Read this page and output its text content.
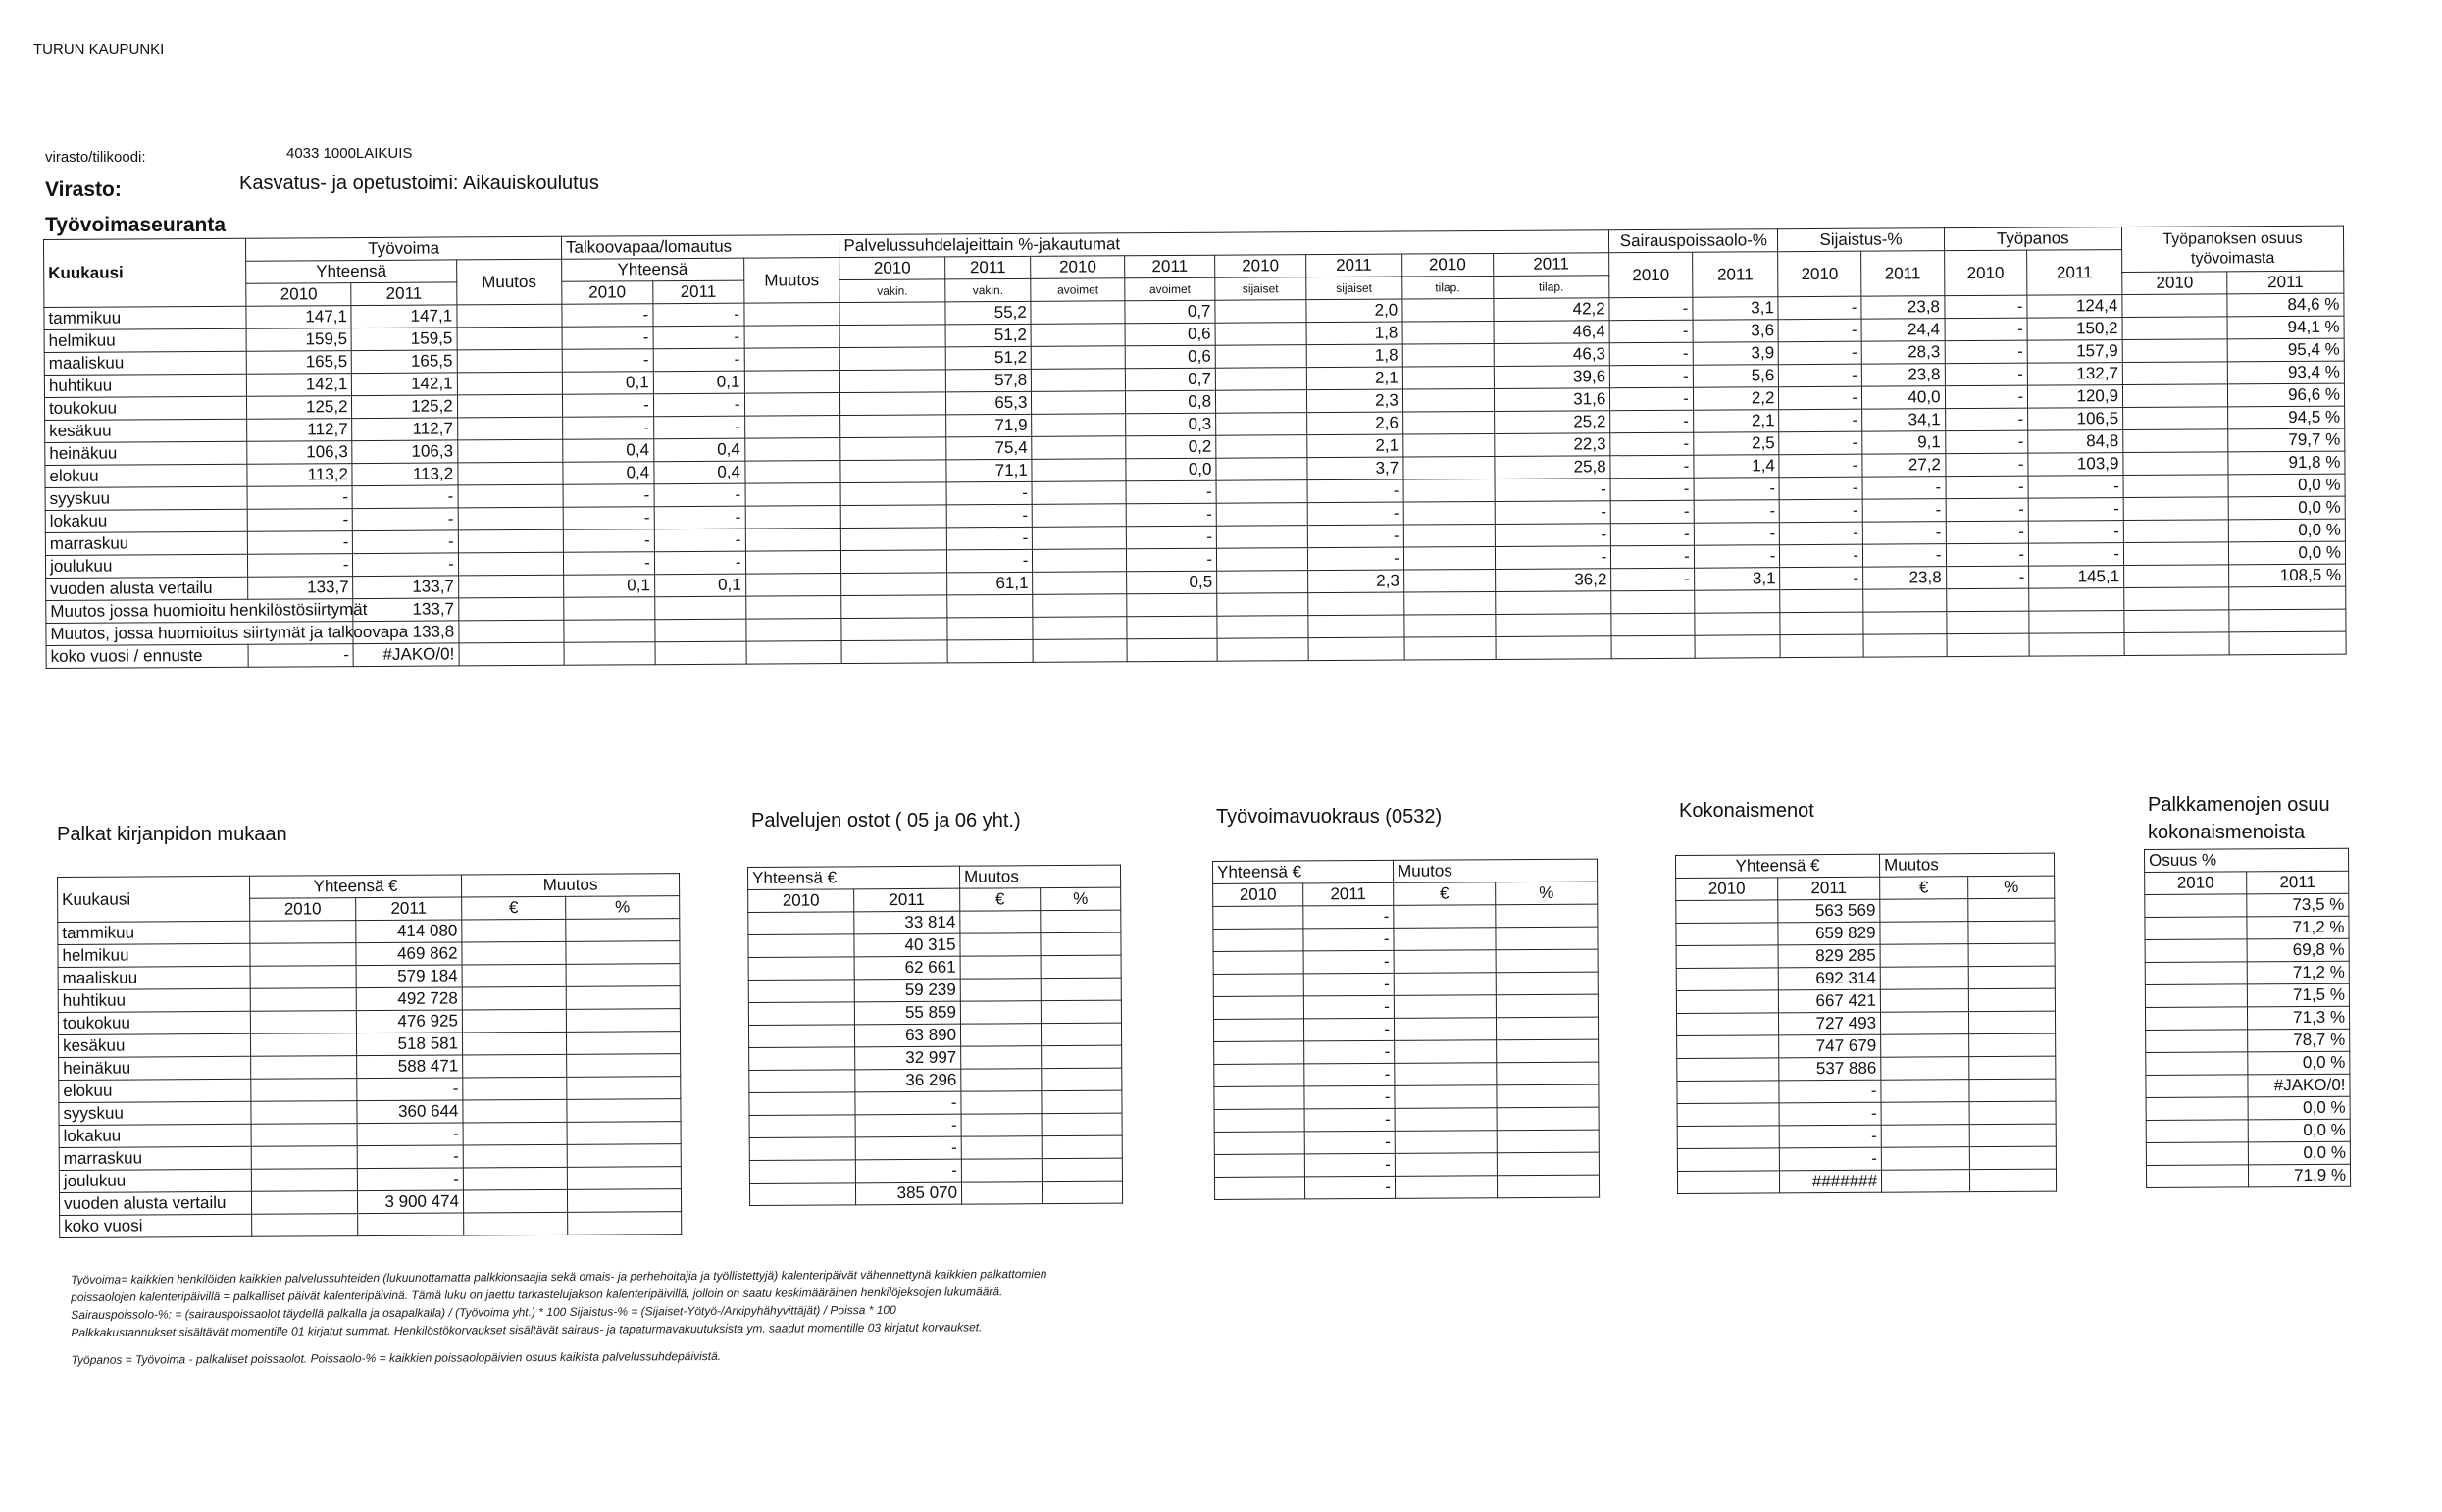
TURUN KAUPUNKI
virasto/tilikoodi:	4033 1000LAIKUIS
Virasto:	Kasvatus- ja opetustoimi: Aikauiskoulutus
Työvoimaseuranta
Kuukausi	Työvoima			Talkoovapaa/lomautus			Palvelussuhdelajeittain %-jakautumat								Sairauspoissaolo-%		Sijaistus-%		Työpanos		Työpanoksen osuus työvoimasta	
	Yhteensä		Muutos	Yhteensä		Muutos	2010	2011	2010	2011	2010	2011	2010	2011	2010	2011	2010	2011	2010	2011		
	2010	2011		2010	2011																	
							vakin.	vakin.	avoimet	avoimet	sijaiset	sijaiset	tilap.	tilap.							2010	2011
tammikuu	147,1	147,1		-	-			55,2		0,7		2,0		42,2	-	3,1	-	23,8	-	124,4		84,6 %
helmikuu	159,5	159,5		-	-			51,2		0,6		1,8		46,4	-	3,6	-	24,4	-	150,2		94,1 %
maaliskuu	165,5	165,5		-	-			51,2		0,6		1,8		46,3	-	3,9	-	28,3	-	157,9		95,4 %
huhtikuu	142,1	142,1		0,1	0,1			57,8		0,7		2,1		39,6	-	5,6	-	23,8	-	132,7		93,4 %
toukokuu	125,2	125,2		-	-			65,3		0,8		2,3		31,6	-	2,2	-	40,0	-	120,9		96,6 %
kesäkuu	112,7	112,7		-	-			71,9		0,3		2,6		25,2	-	2,1	-	34,1	-	106,5		94,5 %
heinäkuu	106,3	106,3		0,4	0,4			75,4		0,2		2,1		22,3	-	2,5	-	9,1	-	84,8		79,7 %
elokuu	113,2	113,2		0,4	0,4			71,1		0,0		3,7		25,8	-	1,4	-	27,2	-	103,9		91,8 %
syyskuu	-	-		-	-			-		-		-		-	-	-	-	-	-	-		0,0 %
lokakuu	-	-		-	-			-		-		-		-	-	-	-	-	-	-		0,0 %
marraskuu	-	-		-	-			-		-		-		-	-	-	-	-	-	-		0,0 %
joulukuu	-	-		-	-			-		-		-		-	-	-	-	-	-	-		0,0 %
vuoden alusta vertailu	133,7	133,7		0,1	0,1			61,1		0,5		2,3		36,2	-	3,1	-	23,8	-	145,1		108,5 %
Muutos jossa huomioitu henkilöstösiirtymät		133,7																				
Muutos, jossa huomioitus siirtymät ja talkoovapa		133,8																				
koko vuosi / ennuste	-	#JAKO/0!																				
Palkat kirjanpidon mukaan
Kuukausi	Yhteensä €		Muutos	
	2010	2011	€	%
tammikuu		414 080		
helmikuu		469 862		
maaliskuu		579 184		
huhtikuu		492 728		
toukokuu		476 925		
kesäkuu		518 581		
heinäkuu		588 471		
elokuu		-		
syyskuu		360 644		
lokakuu		-		
marraskuu		-		
joulukuu		-		
vuoden alusta vertailu		3 900 474		
koko vuosi				
Palvelujen ostot ( 05 ja 06 yht.)
Yhteensä €		Muutos	
2010	2011	€	%
	33 814		
	40 315		
	62 661		
	59 239		
	55 859		
	63 890		
	32 997		
	36 296		
	-		
	-		
	-		
	-		
	385 070		
Työvoimavuokraus (0532)
Yhteensä €		Muutos	
2010	2011	€	%
	-		
	-		
	-		
	-		
	-		
	-		
	-		
	-		
	-		
	-		
	-		
	-		
	-		
Kokonaismenot
Yhteensä €		Muutos	
2010	2011	€	%
	563 569		
	659 829		
	829 285		
	692 314		
	667 421		
	727 493		
	747 679		
	537 886		
	-		
	-		
	-		
	-		
	#######		
Palkkamenojen osuu
kokonaismenoista
Osuus %	
2010	2011
	73,5 %
	71,2 %
	69,8 %
	71,2 %
	71,5 %
	71,3 %
	78,7 %
	0,0 %
	#JAKO/0!
	0,0 %
	0,0 %
	0,0 %
	71,9 %
Työvoima= kaikkien henkilöiden kaikkien palvelussuhteiden (lukuunottamatta palkkionsaajia sekä omais- ja perhehoitajia ja työllistettyjä) kalenteripäivät vähennettynä kaikkien palkattomien
poissaolojen kalenteripäivillä = palkalliset päivät kalenteripäivinä. Tämä luku on jaettu tarkastelujakson kalenteripäivillä, jolloin on saatu keskimääräinen henkilöjeksojen lukumäärä.
Sairauspoissolo-%: = (sairauspoissaolot täydellä palkalla ja osapalkalla) / (Työvoima yht.) * 100 Sijaistus-% = (Sijaiset-Yötyö-/Arkipyhähyvittäjät) / Poissa * 100
Palkkakustannukset sisältävät momentille 01 kirjatut summat. Henkilöstökorvaukset sisältävät sairaus- ja tapaturmavakuutuksista ym. saadut momentille 03 kirjatut korvaukset.
Työpanos = Työvoima - palkalliset poissaolot. Poissaolo-% = kaikkien poissaolopäivien osuus kaikista palvelussuhdepäivistä.
